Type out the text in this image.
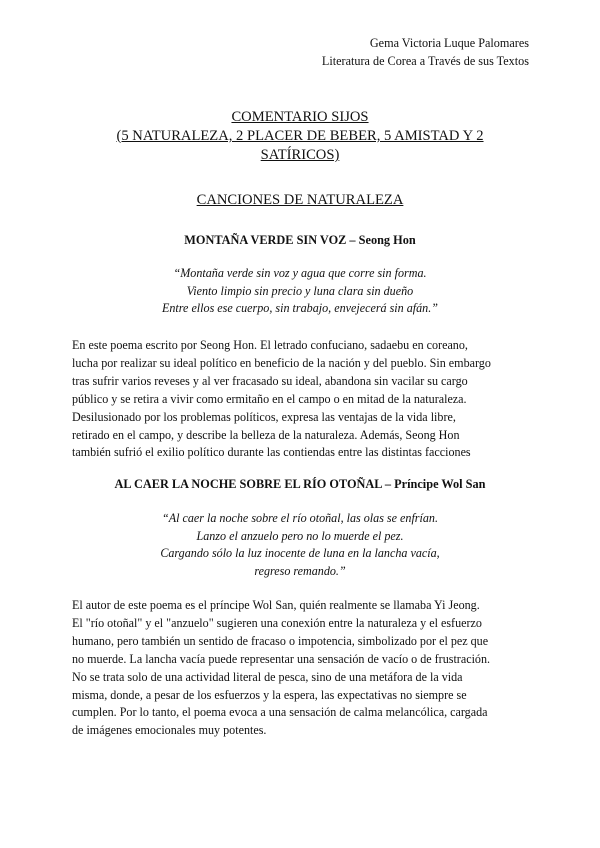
Gema Victoria Luque Palomares
Literatura de Corea a Través de sus Textos
COMENTARIO SIJOS
(5 NATURALEZA, 2 PLACER DE BEBER, 5 AMISTAD Y 2
SATÍRICOS)
CANCIONES DE NATURALEZA
MONTAÑA VERDE SIN VOZ – Seong Hon
“Montaña verde sin voz y agua que corre sin forma.
Viento limpio sin precio y luna clara sin dueño
Entre ellos ese cuerpo, sin trabajo, envejecerá sin afán.”
En este poema escrito por Seong Hon. El letrado confuciano, sadaebu en coreano,
lucha por realizar su ideal político en beneficio de la nación y del pueblo. Sin embargo
tras sufrir varios reveses y al ver fracasado su ideal, abandona sin vacilar su cargo
público y se retira a vivir como ermitaño en el campo o en mitad de la naturaleza.
Desilusionado por los problemas políticos, expresa las ventajas de la vida libre,
retirado en el campo, y describe la belleza de la naturaleza. Además, Seong Hon
también sufrió el exilio político durante las contiendas entre las distintas facciones
AL CAER LA NOCHE SOBRE EL RÍO OTOÑAL – Príncipe Wol San
“Al caer la noche sobre el río otoñal, las olas se enfrían.
Lanzo el anzuelo pero no lo muerde el pez.
Cargando sólo la luz inocente de luna en la lancha vacía,
regreso remando.”
El autor de este poema es el príncipe Wol San, quién realmente se llamaba Yi Jeong.
El "río otoñal" y el "anzuelo" sugieren una conexión entre la naturaleza y el esfuerzo
humano, pero también un sentido de fracaso o impotencia, simbolizado por el pez que
no muerde. La lancha vacía puede representar una sensación de vacío o de frustración.
No se trata solo de una actividad literal de pesca, sino de una metáfora de la vida
misma, donde, a pesar de los esfuerzos y la espera, las expectativas no siempre se
cumplen. Por lo tanto, el poema evoca a una sensación de calma melancólica, cargada
de imágenes emocionales muy potentes.
